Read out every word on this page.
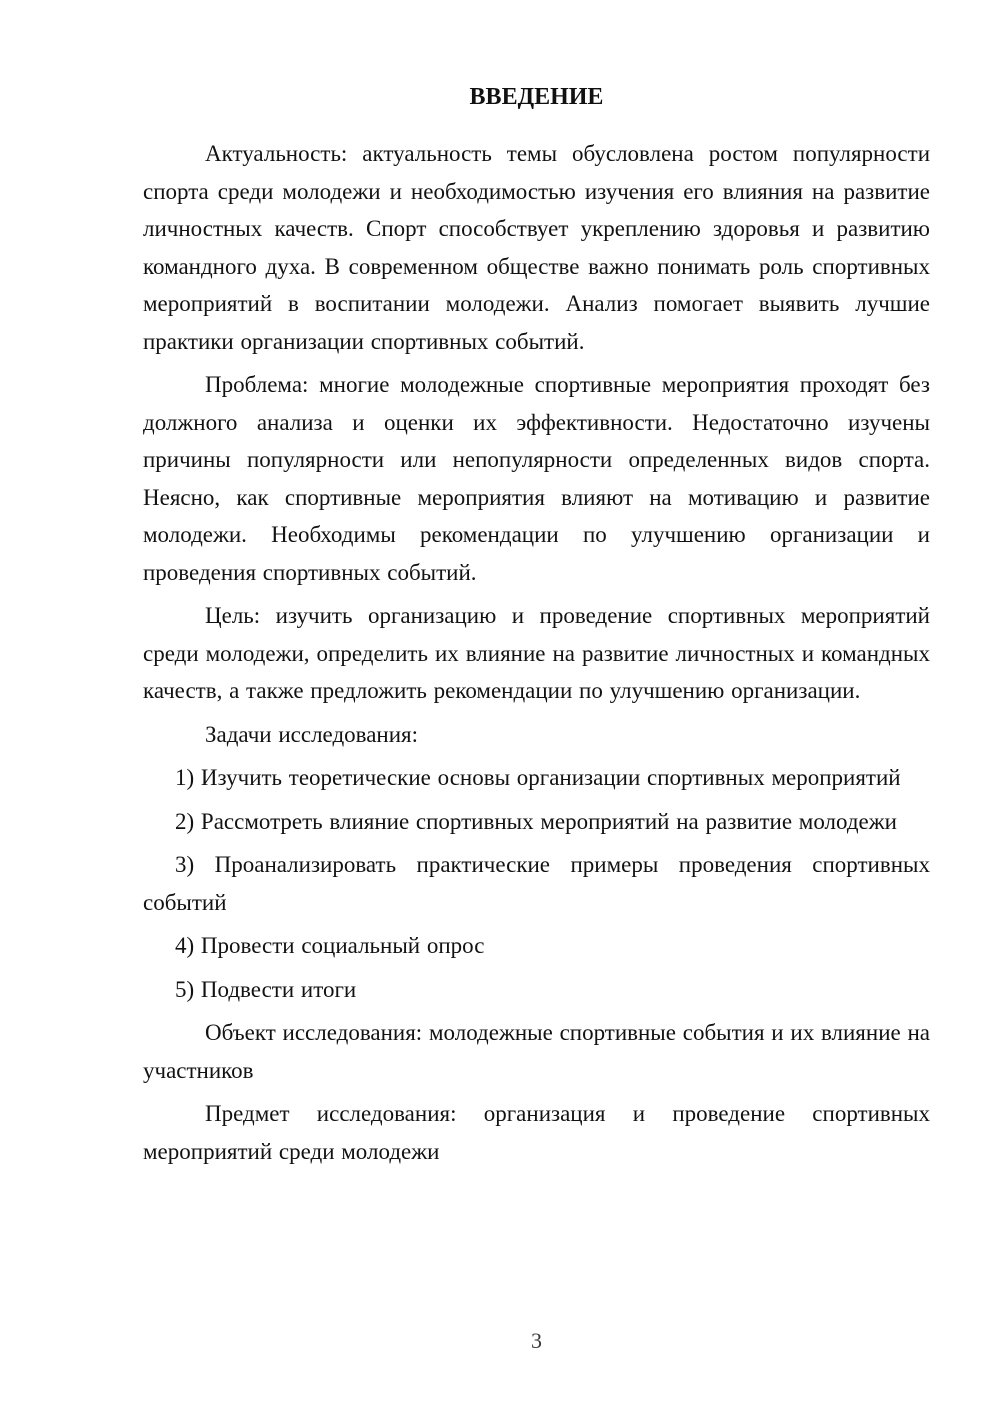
ВВЕДЕНИЕ

Актуальность: актуальность темы обусловлена ростом популярности спорта среди молодежи и необходимостью изучения его влияния на развитие личностных качеств. Спорт способствует укреплению здоровья и развитию командного духа. В современном обществе важно понимать роль спортивных мероприятий в воспитании молодежи. Анализ помогает выявить лучшие практики организации спортивных событий.

Проблема: многие молодежные спортивные мероприятия проходят без должного анализа и оценки их эффективности. Недостаточно изучены причины популярности или непопулярности определенных видов спорта. Неясно, как спортивные мероприятия влияют на мотивацию и развитие молодежи. Необходимы рекомендации по улучшению организации и проведения спортивных событий.

Цель: изучить организацию и проведение спортивных мероприятий среди молодежи, определить их влияние на развитие личностных и командных качеств, а также предложить рекомендации по улучшению организации.

Задачи исследования:

1) Изучить теоретические основы организации спортивных мероприятий

2) Рассмотреть влияние спортивных мероприятий на развитие молодежи

3) Проанализировать практические примеры проведения спортивных событий

4) Провести социальный опрос

5) Подвести итоги

Объект исследования: молодежные спортивные события и их влияние на участников

Предмет исследования: организация и проведение спортивных мероприятий среди молодежи

3
